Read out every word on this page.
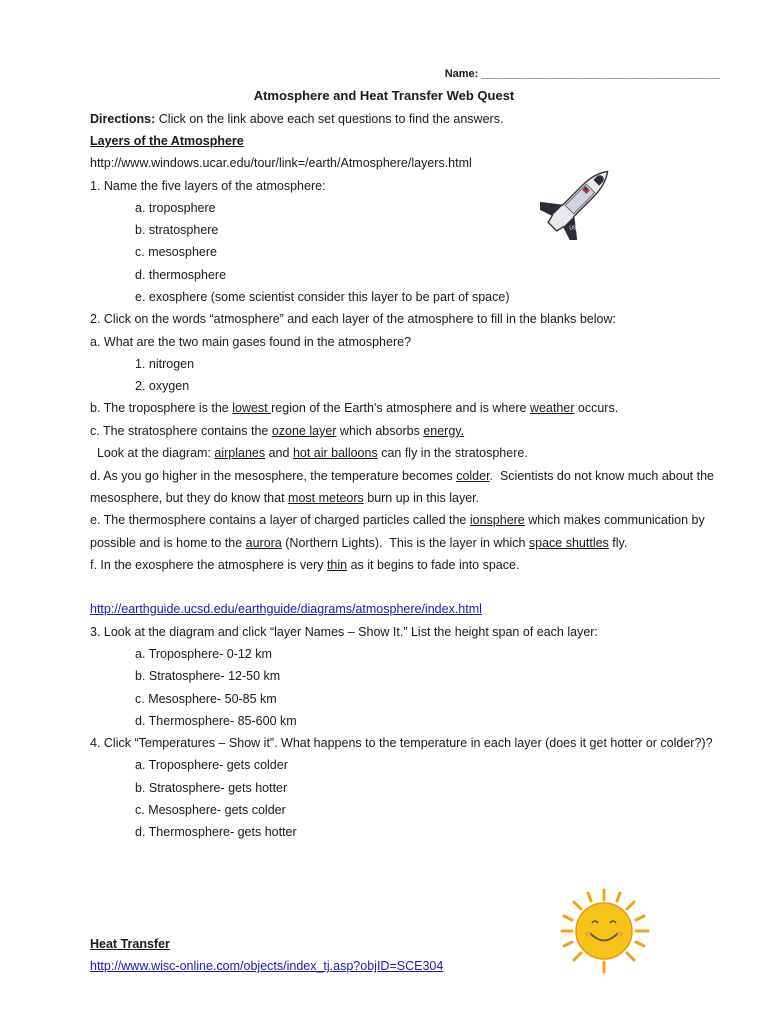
Name: _______________________________________
Atmosphere and Heat Transfer Web Quest
Directions: Click on the link above each set questions to find the answers.
Layers of the Atmosphere
http://www.windows.ucar.edu/tour/link=/earth/Atmosphere/layers.html
1. Name the five layers of the atmosphere:
a. troposphere
b. stratosphere
c. mesosphere
d. thermosphere
e. exosphere (some scientist consider this layer to be part of space)
2. Click on the words “atmosphere” and each layer of the atmosphere to fill in the blanks below:
a. What are the two main gases found in the atmosphere?
1. nitrogen
2. oxygen
b. The troposphere is the lowest region of the Earth's atmosphere and is where weather occurs.
c. The stratosphere contains the ozone layer which absorbs energy.
Look at the diagram: airplanes and hot air balloons can fly in the stratosphere.
d. As you go higher in the mesosphere, the temperature becomes colder.  Scientists do not know much about the
mesosphere, but they do know that most meteors burn up in this layer.
e. The thermosphere contains a layer of charged particles called the ionsphere which makes communication by
possible and is home to the aurora (Northern Lights).  This is the layer in which space shuttles fly.
f. In the exosphere the atmosphere is very thin as it begins to fade into space.
http://earthguide.ucsd.edu/earthguide/diagrams/atmosphere/index.html
3. Look at the diagram and click “layer Names – Show It.” List the height span of each layer:
a. Troposphere- 0-12 km
b. Stratosphere- 12-50 km
c. Mesosphere- 50-85 km
d. Thermosphere- 85-600 km
4. Click “Temperatures – Show it”. What happens to the temperature in each layer (does it get hotter or colder?)?
a. Troposphere- gets colder
b. Stratosphere- gets hotter
c. Mesosphere- gets colder
d. Thermosphere- gets hotter
Heat Transfer
http://www.wisc-online.com/objects/index_tj.asp?objID=SCE304
USA
